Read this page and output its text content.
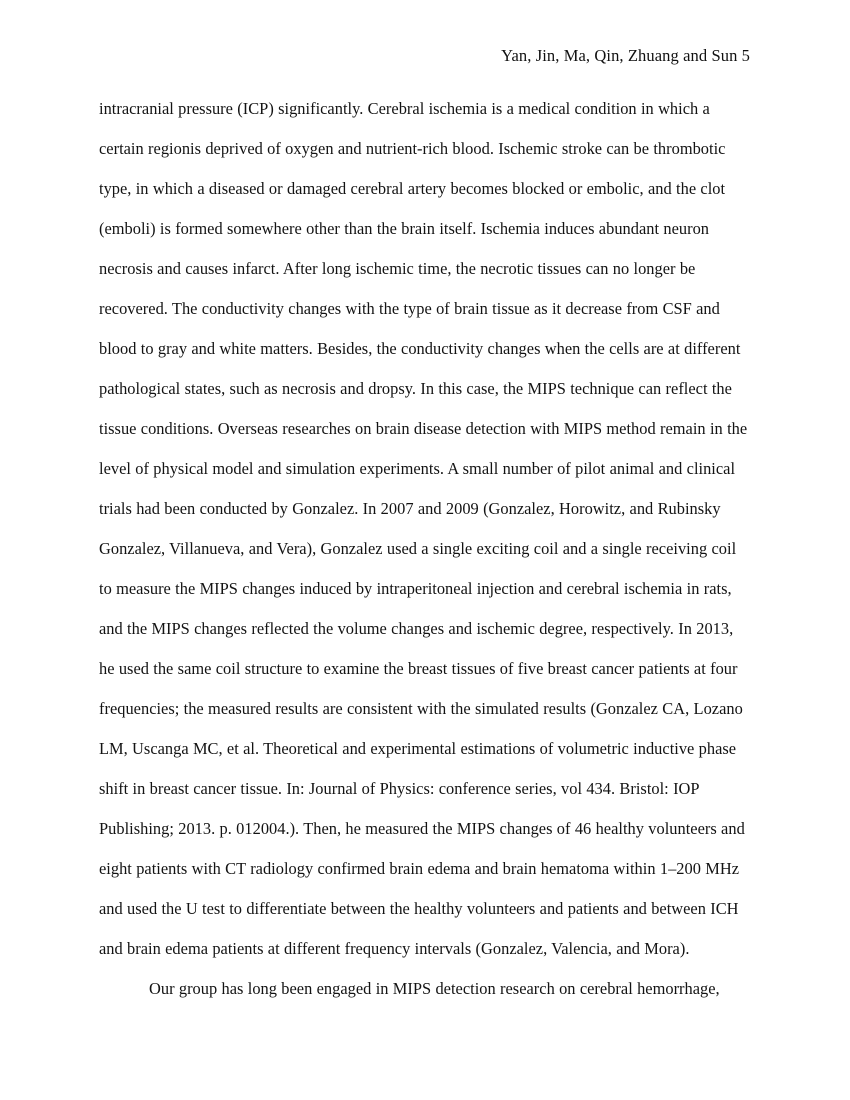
Yan, Jin, Ma, Qin, Zhuang and Sun 5

intracranial pressure (ICP) significantly. Cerebral ischemia is a medical condition in which a certain regionis deprived of oxygen and nutrient-rich blood. Ischemic stroke can be thrombotic type, in which a diseased or damaged cerebral artery becomes blocked or embolic, and the clot (emboli) is formed somewhere other than the brain itself. Ischemia induces abundant neuron necrosis and causes infarct. After long ischemic time, the necrotic tissues can no longer be recovered. The conductivity changes with the type of brain tissue as it decrease from CSF and blood to gray and white matters. Besides, the conductivity changes when the cells are at different pathological states, such as necrosis and dropsy. In this case, the MIPS technique can reflect the tissue conditions. Overseas researches on brain disease detection with MIPS method remain in the level of physical model and simulation experiments. A small number of pilot animal and clinical trials had been conducted by Gonzalez. In 2007 and 2009 (Gonzalez, Horowitz, and Rubinsky Gonzalez, Villanueva, and Vera), Gonzalez used a single exciting coil and a single receiving coil to measure the MIPS changes induced by intraperitoneal injection and cerebral ischemia in rats, and the MIPS changes reflected the volume changes and ischemic degree, respectively. In 2013, he used the same coil structure to examine the breast tissues of five breast cancer patients at four frequencies; the measured results are consistent with the simulated results (Gonzalez CA, Lozano LM, Uscanga MC, et al. Theoretical and experimental estimations of volumetric inductive phase shift in breast cancer tissue. In: Journal of Physics: conference series, vol 434. Bristol: IOP Publishing; 2013. p. 012004.). Then, he measured the MIPS changes of 46 healthy volunteers and eight patients with CT radiology confirmed brain edema and brain hematoma within 1–200 MHz and used the U test to differentiate between the healthy volunteers and patients and between ICH and brain edema patients at different frequency intervals (Gonzalez, Valencia, and Mora).

Our group has long been engaged in MIPS detection research on cerebral hemorrhage,
